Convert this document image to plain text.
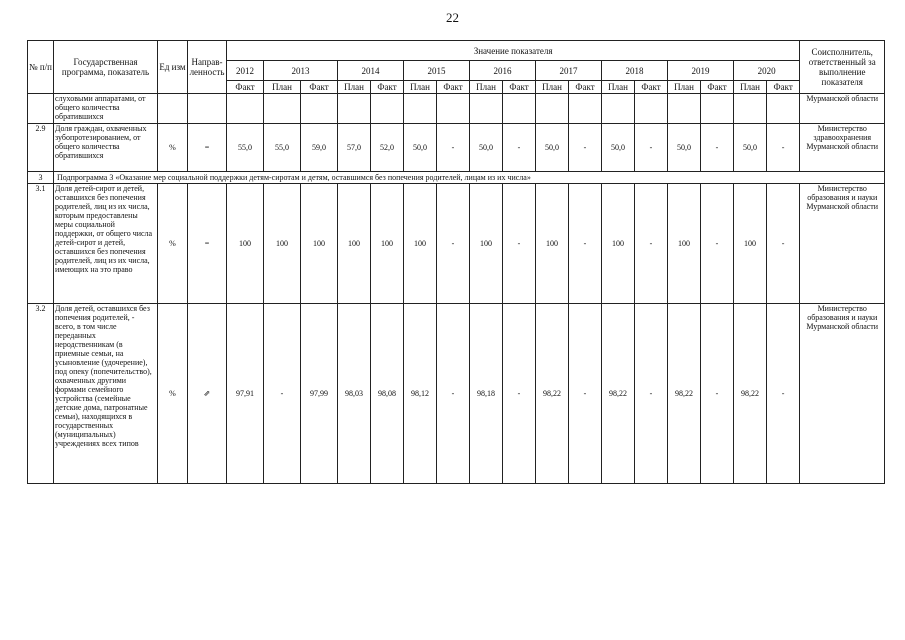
22
№ п/п	Государственная программа, показатель	Ед изм	Направ-ленность	Значение показателя																	Соисполнитель, ответственный за выполнение показателя
				2012	2013		2014		2015		2016		2017		2018		2019		2020		
				Факт	План	Факт	План	Факт	План	Факт	План	Факт	План	Факт	План	Факт	План	Факт	План	Факт	
	слуховыми аппаратами, от общего количества обратившихся																				Мурманской области
2.9	Доля граждан, охваченных зубопротезированием, от общего количества обратившихся	%	=	55,0	55,0	59,0	57,0	52,0	50,0	-	50,0	-	50,0	-	50,0	-	50,0	-	50,0	-	Министерство здравоохранения Мурманской области
3	Подпрограмма 3 «Оказание мер социальной поддержки детям-сиротам и детям, оставшимся без попечения родителей, лицам из их числа»																				
3.1	Доля детей-сирот и детей, оставшихся без попечения родителей, лиц из их числа, которым предоставлены меры социальной поддержки, от общего числа детей-сирот и детей, оставшихся без попечения родителей, лиц из их числа, имеющих на это право	%	=	100	100	100	100	100	100	-	100	-	100	-	100	-	100	-	100	-	Министерство образования и науки Мурманской области
3.2	Доля детей, оставшихся без попечения родителей, - всего, в том числе переданных неродственникам (в приемные семьи, на усыновление (удочерение), под опеку (попечительство), охваченных другими формами семейного устройства (семейные детские дома, патронатные семьи), находящихся в государственных (муниципальных) учреждениях всех типов	%	⇗	97,91	-	97,99	98,03	98,08	98,12	-	98,18	-	98,22	-	98,22	-	98,22	-	98,22	-	Министерство образования и науки Мурманской области
